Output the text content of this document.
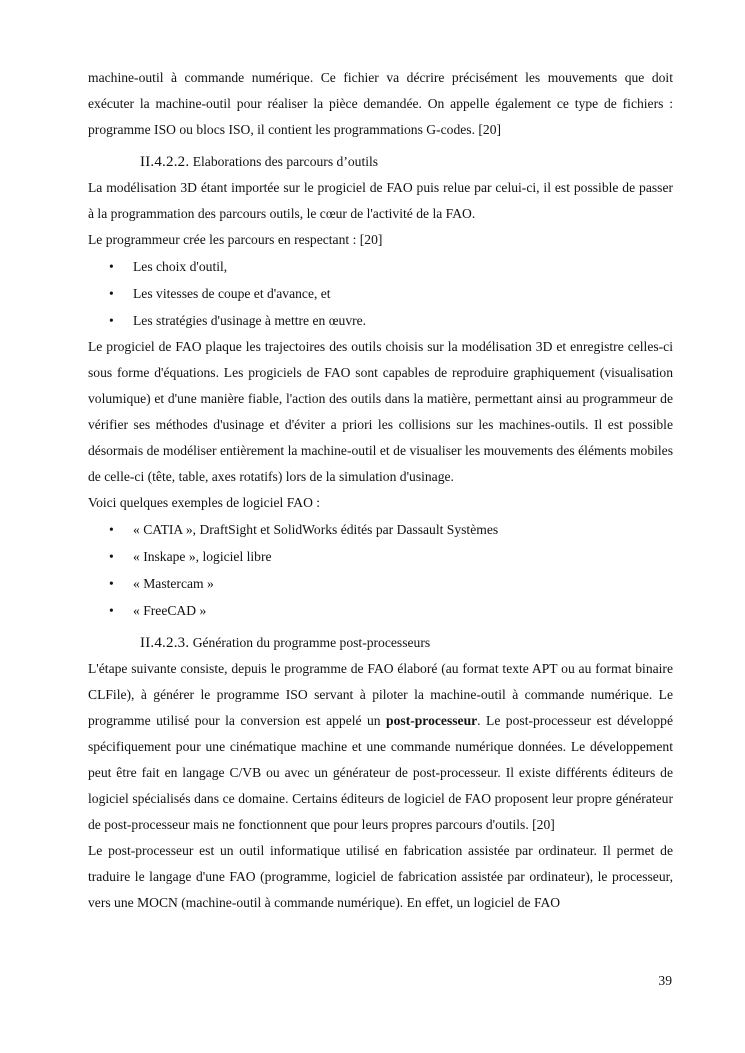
machine-outil à commande numérique. Ce fichier va décrire précisément les mouvements que doit exécuter la machine-outil pour réaliser la pièce demandée. On appelle également ce type de fichiers : programme ISO ou blocs ISO, il contient les programmations G-codes. [20]

II.4.2.2. Elaborations des parcours d’outils

La modélisation 3D étant importée sur le progiciel de FAO puis relue par celui-ci, il est possible de passer à la programmation des parcours outils, le cœur de l'activité de la FAO.

Le programmeur crée les parcours en respectant : [20]

•	Les choix d'outil,
•	Les vitesses de coupe et d'avance, et
•	Les stratégies d'usinage à mettre en œuvre.

Le progiciel de FAO plaque les trajectoires des outils choisis sur la modélisation 3D et enregistre celles-ci sous forme d'équations. Les progiciels de FAO sont capables de reproduire graphiquement (visualisation volumique) et d'une manière fiable, l'action des outils dans la matière, permettant ainsi au programmeur de vérifier ses méthodes d'usinage et d'éviter a priori les collisions sur les machines-outils. Il est possible désormais de modéliser entièrement la machine-outil et de visualiser les mouvements des éléments mobiles de celle-ci (tête, table, axes rotatifs) lors de la simulation d'usinage.

Voici quelques exemples de logiciel FAO :

•	« CATIA », DraftSight et SolidWorks édités par Dassault Systèmes
•	« Inskape », logiciel libre
•	« Mastercam »
•	« FreeCAD »
II.4.2.3. Génération du programme post-processeurs

L'étape suivante consiste, depuis le programme de FAO élaboré (au format texte APT ou au format binaire CLFile), à générer le programme ISO servant à piloter la machine-outil à commande numérique. Le programme utilisé pour la conversion est appelé un post-processeur. Le post-processeur est développé spécifiquement pour une cinématique machine et une commande numérique données. Le développement peut être fait en langage C/VB ou avec un générateur de post-processeur. Il existe différents éditeurs de logiciel spécialisés dans ce domaine. Certains éditeurs de logiciel de FAO proposent leur propre générateur de post-processeur mais ne fonctionnent que pour leurs propres parcours d'outils. [20]

Le post-processeur est un outil informatique utilisé en fabrication assistée par ordinateur. Il permet de traduire le langage d'une FAO (programme, logiciel de fabrication assistée par ordinateur), le processeur, vers une MOCN (machine-outil à commande numérique). En effet, un logiciel de FAO

39
